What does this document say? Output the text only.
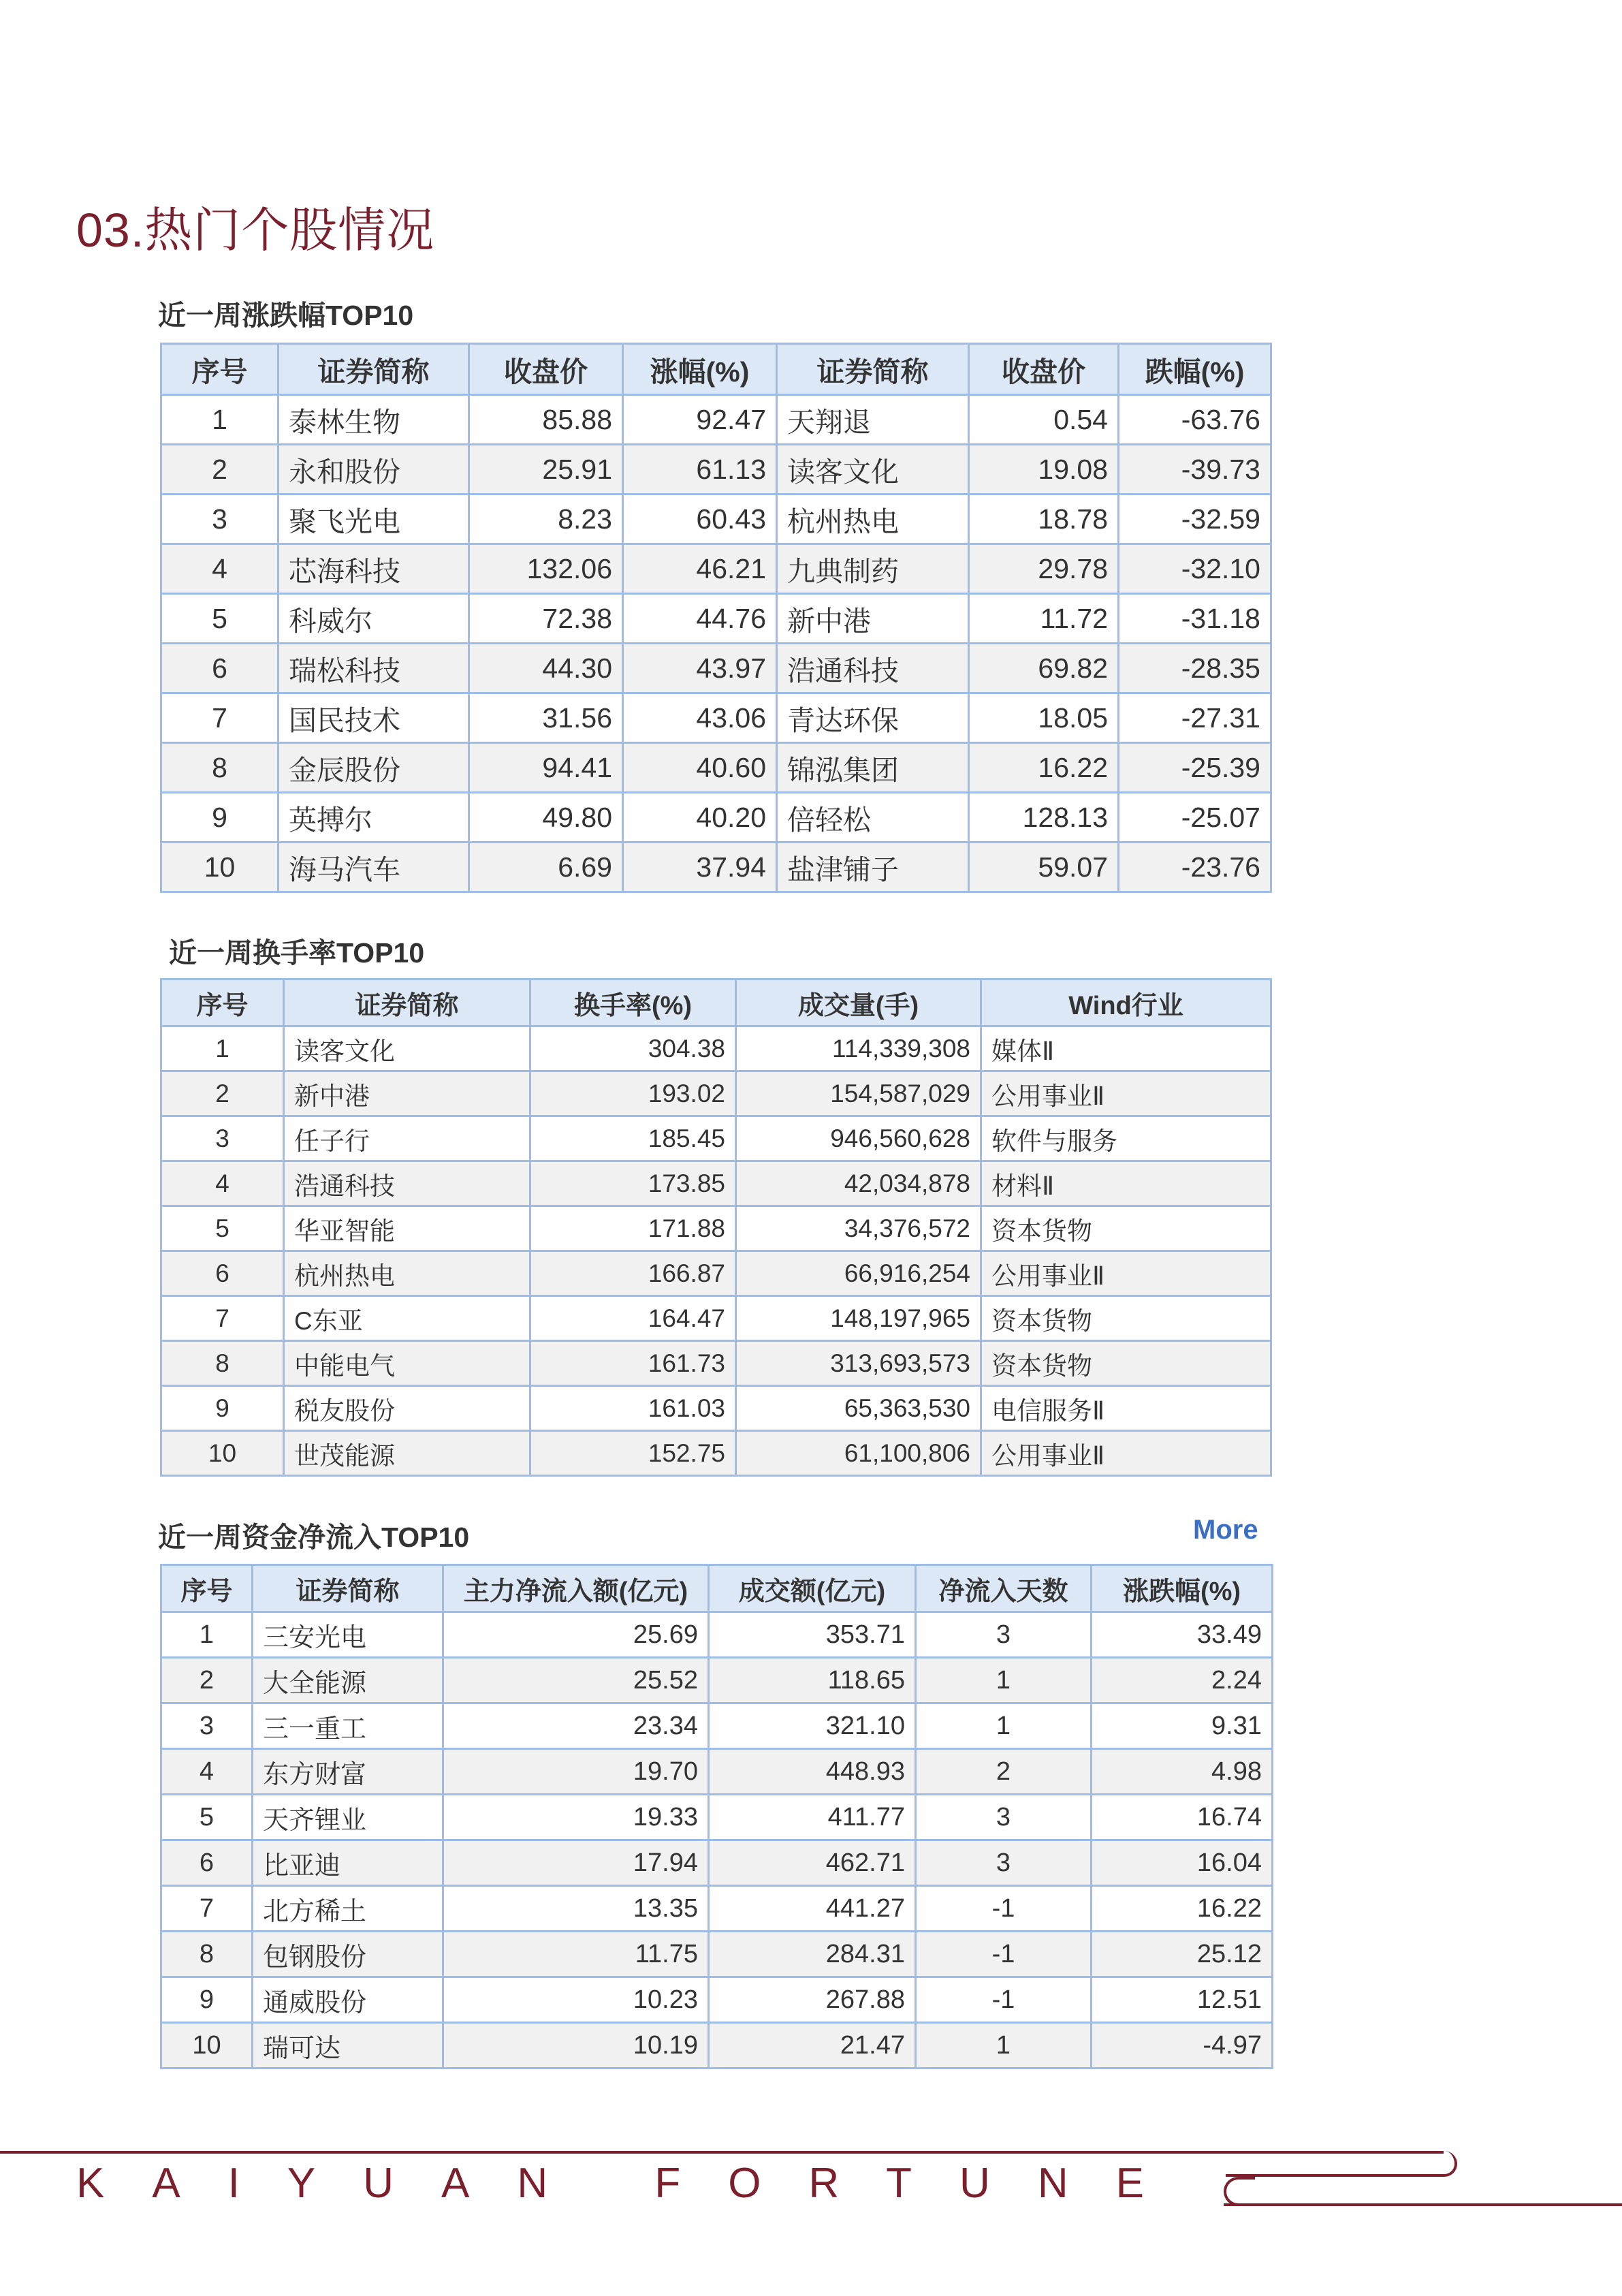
03.热门个股情况
近一周涨跌幅TOP10
序号	证券简称	收盘价	涨幅(%)	证券简称	收盘价	跌幅(%)
1	泰林生物	85.88	92.47	天翔退	0.54	-63.76
2	永和股份	25.91	61.13	读客文化	19.08	-39.73
3	聚飞光电	8.23	60.43	杭州热电	18.78	-32.59
4	芯海科技	132.06	46.21	九典制药	29.78	-32.10
5	科威尔	72.38	44.76	新中港	11.72	-31.18
6	瑞松科技	44.30	43.97	浩通科技	69.82	-28.35
7	国民技术	31.56	43.06	青达环保	18.05	-27.31
8	金辰股份	94.41	40.60	锦泓集团	16.22	-25.39
9	英搏尔	49.80	40.20	倍轻松	128.13	-25.07
10	海马汽车	6.69	37.94	盐津铺子	59.07	-23.76
近一周换手率TOP10
序号	证券简称	换手率(%)	成交量(手)	Wind行业
1	读客文化	304.38	114,339,308	媒体Ⅱ
2	新中港	193.02	154,587,029	公用事业Ⅱ
3	任子行	185.45	946,560,628	软件与服务
4	浩通科技	173.85	42,034,878	材料Ⅱ
5	华亚智能	171.88	34,376,572	资本货物
6	杭州热电	166.87	66,916,254	公用事业Ⅱ
7	C东亚	164.47	148,197,965	资本货物
8	中能电气	161.73	313,693,573	资本货物
9	税友股份	161.03	65,363,530	电信服务Ⅱ
10	世茂能源	152.75	61,100,806	公用事业Ⅱ
近一周资金净流入TOP10	More
序号	证券简称	主力净流入额(亿元)	成交额(亿元)	净流入天数	涨跌幅(%)
1	三安光电	25.69	353.71	3	33.49
2	大全能源	25.52	118.65	1	2.24
3	三一重工	23.34	321.10	1	9.31
4	东方财富	19.70	448.93	2	4.98
5	天齐锂业	19.33	411.77	3	16.74
6	比亚迪	17.94	462.71	3	16.04
7	北方稀土	13.35	441.27	-1	16.22
8	包钢股份	11.75	284.31	-1	25.12
9	通威股份	10.23	267.88	-1	12.51
10	瑞可达	10.19	21.47	1	-4.97
KAIYUAN FORTUNE
